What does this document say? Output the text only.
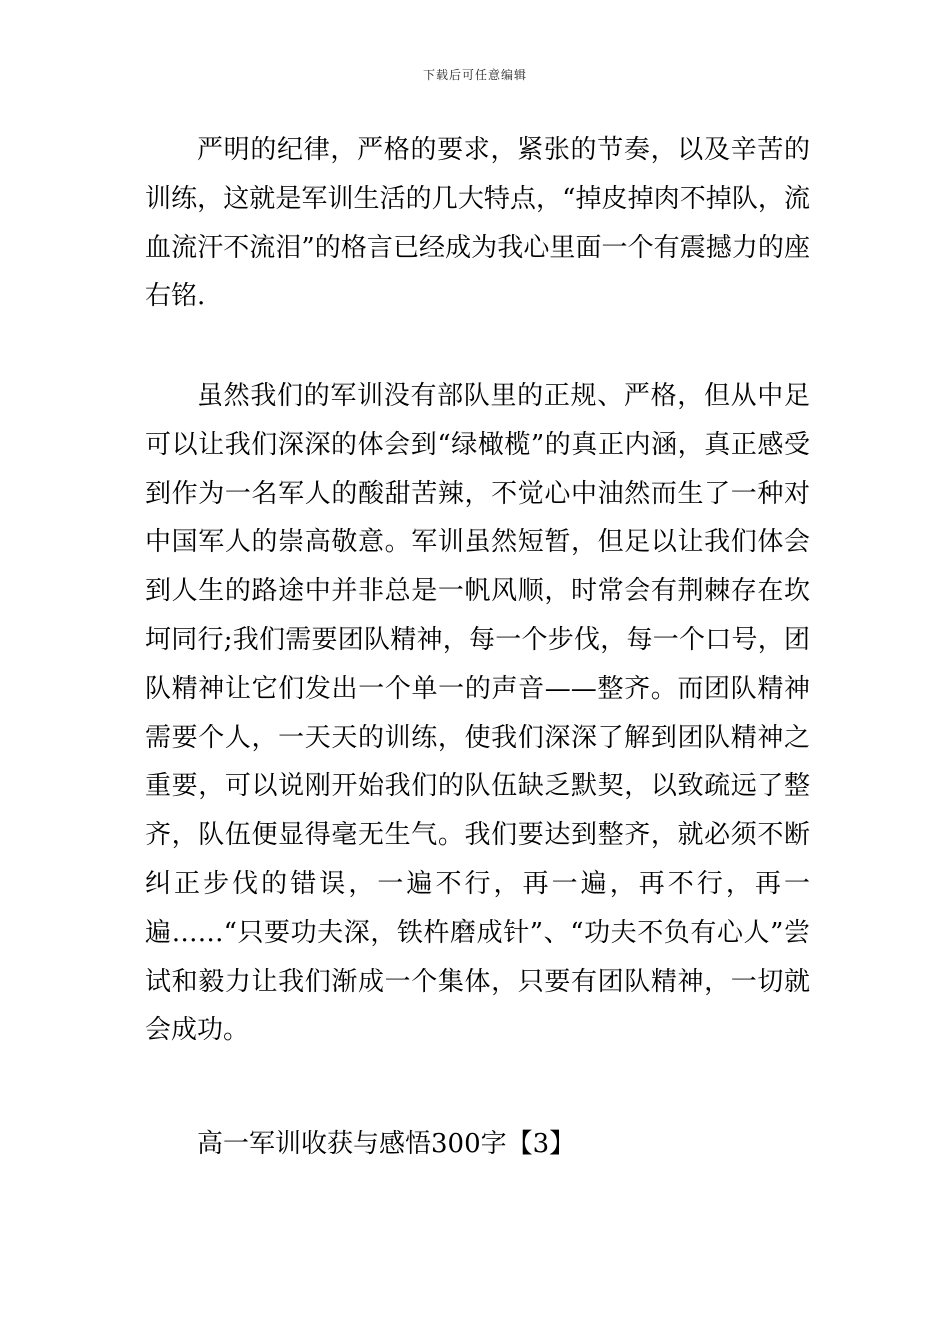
下载后可任意编辑

严明的纪律，严格的要求，紧张的节奏，以及辛苦的训练，这就是军训生活的几大特点，“掉皮掉肉不掉队，流血流汗不流泪”的格言已经成为我心里面一个有震撼力的座右铭.

虽然我们的军训没有部队里的正规、严格，但从中足可以让我们深深的体会到“绿橄榄”的真正内涵，真正感受到作为一名军人的酸甜苦辣，不觉心中油然而生了一种对中国军人的崇高敬意。军训虽然短暂，但足以让我们体会到人生的路途中并非总是一帆风顺，时常会有荆棘存在坎坷同行;我们需要团队精神，每一个步伐，每一个口号，团队精神让它们发出一个单一的声音——整齐。而团队精神需要个人，一天天的训练，使我们深深了解到团队精神之重要，可以说刚开始我们的队伍缺乏默契，以致疏远了整齐，队伍便显得毫无生气。我们要达到整齐，就必须不断纠正步伐的错误，一遍不行，再一遍，再不行，再一遍……“只要功夫深，铁杵磨成针”、“功夫不负有心人”尝试和毅力让我们渐成一个集体，只要有团队精神，一切就会成功。

高一军训收获与感悟300字【3】
